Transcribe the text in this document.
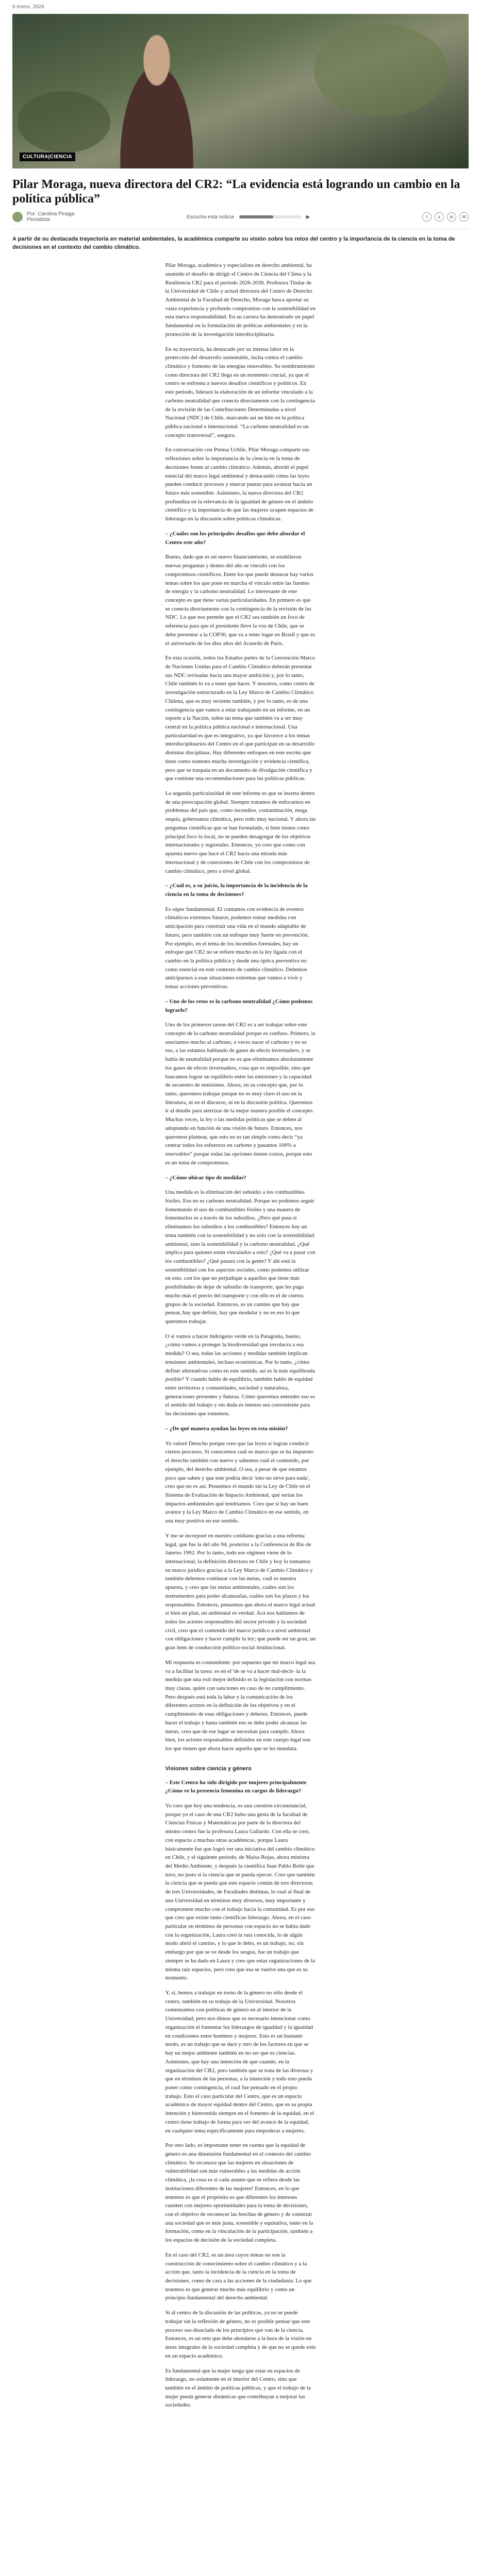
6 enero, 2026
CULTURA|CIENCIA
Pilar Moraga, nueva directora del CR2: “La evidencia está logrando un cambio en la política pública”
Por: Carolina Pinaga
Periodista	Escucha esta noticia	▶	f	x	in	✉

A partir de su destacada trayectoria en material ambientales, la académica comparte su visión sobre los retos del centro y la importancia de la ciencia en la toma de decisiones en el contexto del cambio climático.

Pilar Moraga, académica y especialista en derecho ambiental, ha asumido el desafío de dirigir el Centro de Ciencia del Clima y la Resiliencia CR2 para el periodo 2026-2030. Profesora Titular de la Universidad de Chile y actual directora del Centro de Derecho Ambiental de la Facultad de Derecho, Moraga busca aportar su vasta experiencia y profundo compromiso con la sostenibilidad en esta nueva responsabilidad. En su carrera ha demostrado un papel fundamental en la formulación de políticas ambientales y en la promoción de la investigación interdisciplinaria.

En su trayectoria, ha destacado por su intensa labor en la protección del desarrollo sustentable, lucha contra el cambio climático y fomento de las energías renovables. Su nombramiento como directora del CR2 llega en un momento crucial, ya que el centro se enfrenta a nuevos desafíos científicos y políticos. En este periodo, liderará la elaboración de un informe vinculado a la carbono neutralidad que conecta directamente con la contingencia de la revisión de las Contribuciones Determinadas a nivel Nacional (NDC) de Chile, marcando así un hito en la política pública nacional e internacional. “La carbono neutralidad es un concepto transversal”, asegura.

En conversación con Prensa Uchile, Pilar Moraga comparte sus reflexiones sobre la importancia de la ciencia en la toma de decisiones frente al cambio climático. Además, abordó el papel esencial del marco legal ambiental y destacando cómo las leyes pueden conducir procesos y marcar pautas para avanzar hacia un futuro más sostenible. Asimismo, la nueva directora del CR2 profundiza en la relevancia de la igualdad de género en el ámbito científico y la importancia de que las mujeres ocupen espacios de liderazgo en la discusión sobre políticas climáticas.

– ¿Cuáles son los principales desafíos que debe abordar el Centro este año?

Bueno, dado que es un nuevo financiamiento, se establieron nuevas preguntas y dentro del año se vinculó con los compromisos científicos. Entre los que puede destacar hay varios temas sobre los que pone en marcha el vínculo entre las fuentes de energía y la carbono neutralidad. Lo interesante de este concepto es que tiene varias particularidades. En primero es que se conecta directamente con la contingencia de la revisión de las NDC. Lo que nos permite que el CR2 sea también un foco de referencia para que el presidente lleve la voz de Chile, que se debe presentar a la COP30, que va a tener lugar en Brasil y que es el aniversario de los diez años del Acuerdo de París.

En esta ocasión, todos los Estados partes de la Convención Marco de Naciones Unidas para el Cambio Climático deberán presentar sus NDC revisadas hacia una mayor ambición y, por lo tanto, Chile también lo va a tener que hacer. Y nosotros, como centro de investigación estructurado en la Ley Marco de Cambio Climático Chilena, que es muy reciente también, y por lo tanto, es de una contingencia que vamos a estar trabajando en un informe, en un reporte a la Nación, sobre un tema que también va a ser muy central en la política pública nacional e internacional. Una particularidad es que es integrativo, ya que favorece a los temas interdisciplinarios del Centro en el que participan en su desarrollo distintas disciplinas. Hay diferentes enfoques en este escrito que tiene como sustento mucha investigación y evidencia científica, pero que se traspaía en un documento de divulgación científica y que contiene una recomendaciones para las políticas públicas.

La segunda particularidad de este informe es que se inserta dentro de una preocupación global. Siempre tratamos de enfocarnos en problemas del país que, como incendios, contaminación, mega sequía, gobernanza climática, pero todo muy nacional. Y ahora las preguntas científicas que se han formulado, si bien tienen como principal foco lo local, no se pueden desagregar de los objetivos internacionales y regionales. Entonces, yo creo que como con apuesta nuevo que hace el CR2 hacia una mirada más internacional y de conexiones de Chile con los compromisos de cambio climático, pero a nivel global.

– ¿Cuál es, a su juicio, la importancia de la incidencia de la ciencia en la toma de decisiones?

Es súper fundamental. El contamos con evidencia de eventos climáticos extremos futuros, podemos tomar medidas con anticipación para construir una vida en el mundo adaptable de futuro, pero también con un enfoque muy fuerte en prevención. Por ejemplo, en el tema de los incendios forestales, hay un enfoque que CR2 no se refiere mucho en la ley ligada con el cambio en la política pública y desde una óptica preventiva no como esencial en este contexto de cambio climático. Debemos anticiparnos a esas situaciones extremas que vamos a vivir y tomar acciones preventivas.

– Uno de los retos es la carbono neutralidad ¿Cómo podemos lograrlo?

Uno de los primeros tareas del CR2 es a ser trabajar sobre este concepto de la carbono neutralidad porque es confuso. Primero, la asociamos mucho al carbono, a veces nacer el carbono y no es eso, a las estamos hablando de gases de efecto invernadero, y se habla de neutralidad porque no es que eliminamos absolutamente los gases de efecto invernadero, cosa que es imposible, sino que buscamos lograr un equilibrio entre las emisiones y la capacidad de secuestro de emisiones. Ahora, en su concepto que, por lo tanto, queremos trabajar porque no es muy claro el uso en la literatura, ni en el discurso, ni en la discusión política. Queremos ir al detalle para aterrizar de la mejor manera posible el concepto. Muchas veces, la ley o las medidas políticas que se deben al adoptando en función de una visión de futuro. Entonces, nos queremos plantear, que esto no es tan simple como decir “ya centrar todos los esfuerzos en carbono y pasamos 100% a renovables” porque todas las opciones tienen costos, porque esto es un tema de compromisos.

– ¿Cómo ubicar tipo de medidas?

Una medida es la eliminación del subsidio a los combustibles fósiles. Eso no es carbono neutralidad. Porque no podemos seguir fomentando el uso de combustibles fósiles y una manera de fomentarlos es a través de los subsidios. ¿Pero qué pasa si eliminamos los subsidios a los combustibles? Entonces hay un tema también con la sostenibilidad y no solo con la sostenibilidad ambiental, sino la sostenibilidad y la carbono neutralidad. ¿Qué implica para quienes están vinculados a esto? ¿Qué va a pasar con los combustibles? ¿Qué pasará con la gente? Y ahí está la sostenibilidad con los aspectos sociales, como podemos utilizar en esto, con los que no perjudique a aquellos que tiene más posibilidades de dejar de subsidio de transporte, que les paga mucho más el precio del transporte y con ello es el de ciertos grupos de la sociedad. Entonces, es un camino que hay que pensar, hay que definir, hay que modular y no es eso lo que queremos trabajar.

O sí vamos a hacer hidrógeno verde en la Patagonia, bueno, ¿cómo vamos a proteger la biodiversidad que involucra a esa medida? O sea, todas las acciones y medidas también implican tensiones ambientales, incluso económicas. Por lo tanto, ¿cómo definir alternativas como en este sentido, así es la más equilibrada posible? Y cuando hablo de equilibrio, también hablo de equidad entre territorios y comunidades, sociedad y naturaleza, generaciones presentes y futuras. Cómo queremos entender eso es el sentido del trabajo y sin duda es intenso sea conveniente para las decisiones que tomemos.

– ¿De qué manera ayudan las leyes en esta misión?

Yo valoré Derecho porque creo que las leyes sí logran conducir ciertos procesos. Si conocemos cuál es marco que se ha impuesto el derecho también con nuevo y sabemos cuál el contenido, por ejemplo, del derecho ambiental. O sea, a pesar de que estamos poco que saben y que este podría decir 'esto no sirve para nada', creo que no es así. Pensemos el mundo sin la Ley de Chile en el Sistema de Evaluación de Impacto Ambiental, qué serían los impactos ambientales qué tendríamos. Creo que sí hay un buen avance y la Ley Marco de Cambio Climático en ese sentido, en una muy positiva en ese sentido.

Y me se incorporé en nuestro cotidiano gracias a una reforma legal, que fue la del año 94, posterior a la Conferencia de Río de Janeiro 1992. Por lo tanto, todo ese régimen viene de lo internacional, la definición directora en Chile y hoy lo tomamos en marco jurídico gracias a la Ley Marco de Cambio Climático y también debemos continuar con las metas, cuál es nuestra apuesta, y creo que las metas ambientales, cuáles son los instrumentos para poder alcanzarlas, cuáles son los plazos y los responsables. Entonces, pensemos que ahora el marco legal actual si bien un plan, un ambiental es verdad. Acá nos hablamos de todos los actores responsables del sector privado y la sociedad civil, creo que el contenido del marco jurídico a nivel ambiental con obligaciones y hacer cumplir la ley; que puede ser un gran, un gran ítem de conducción político-social institucional.

Mi respuesta es contundente: por supuesto que mi marco legal sea va a facilitar la tarea: es en el 'de se va a hacer mal-decir- la la medida que una exit mejor definido es la legislación con normas muy claras, quién con sanciones en caso de no cumplimiento. Pero después está toda la labor y la comunicación de los diferentes actores en la definición de los objetivos y en el cumplimiento de esas obligaciones y deberes. Entonces, puede hacer el trabajo y hasta también eso se debe poder alcanzar las metas, creo que de ese lugar se necesitan para cumplir. Ahora bien, los actores responsables definidos en este cuerpo legal son los que tienen que ahora hacer aquello que se les mandata.

Visiones sobre ciencia y género

– Este Centro ha sido dirigido por mujeres principalmente ¿Cómo ve la presencia femenina en cargos de liderazgo?

Yo creo que hoy una tendencia, es una cuestión circunstancial, porque yo el caso de una CR2 hubo una gesta de la facultad de Ciencias Físicas y Matemáticas por parte de la directora del mismo centro fue la profesora Laura Gallardo. Con ella se creó, con espacio a muchas otras académicas, porque Laura básicamente fue que logró ver una iniciativa del cambio climático en Chile, y el siguiente período, de Maisa Rojas, ahora ministra del Medio Ambiente, y después la científica Juan Pablo Bolte que tuvo, no justo si la ciencia que se pueda ejercer. Creo que también la ciencia que se pueda que este espacio común de tres directoras de tres Universidades, de Facultades distintas, lo cual al final de una Universidad en términos muy diversos, muy importante y compromete mucho con el trabajo hacia la comunidad. Es por eso que creo que existe tanto científicas liderazgo. Ahora, en el caso particular en términos de personas con espacio no se había dado con la organización, Laura creó la ruta conocida, lo de algún modo abrió el camino, y lo que le debo, es un trabajo, no, sin embargo por que se ve desde los sesgos, fue un trabajo que siempre se ha dado en Laura y creo que estas organizaciones de la misma raíz espacios, pero creo que esa se vuelve una que es su momento.

Y, sí, hemos a trabajar en torno de la género no sólo desde el centro, también en su trabajo de la Universidad. Nosotros comenzamos con políticas de género en al interior de la Universidad; pero nos dimos que es necesario intencionar como organización el fomentar los liderazgos de igualdad y la igualdad en condiciones entre hombres y mujeres. Esto es un bastante modo, es un trabajo que se dará y otro de los factores en que se hay un mejor ambiente también en no ser que es ciencias. Asimismo, que hay una intención de que cuando, en la organización del CR2, pero también que se trata de las diversas y que en términos de las personas, a la intención y todo esto pueda poner como contingencia, el cual fue pensado en el propio trabajo. Esto el caso particular del Centro, que es un espacio académico de mayor equidad dentro del Centro, que es su propia intención y bienvenida siempre en el fomento de la equidad, en el centro tiene trabajo de forma para ver del avance de la equidad, en cualquier tema específicamente para empoderar a mujeres.

Por otro lado, es importante tener en cuenta que la equidad de género es una dimensión fundamental en el contexto del cambio climático. Se reconoce que las mujeres en situaciones de vulnerabilidad son más vulnerables a las medidas de acción climática, ¡la cosa es sí cada asunto que se refiera desde las instituciones diferentes de las mujeres! Entonces, en lo que tenemos es que el propósito es que diferentes los intereses cuenten con mejores oportunidades para la toma de decisiones, con el objetivo de reconocer las brechas de género y de construir una sociedad que es más justa, sostenible y equitativa, tanto en la formación, como en la vinculación de la participación, también a los espacios de decisión de la sociedad completa.

En el caso del CR2, es un área cuyos temas no son la construcción de conocimiento sobre el cambio climático y a la acción que, tanto la incidencia de la ciencia en la toma de decisiones, como de cara a las acciones de la ciudadanía. Lo que tenemos es que generar mucho más equilibrio y como un principio fundamental del derecho ambiental.

Si al centro de la discusión de las políticas, ya no se puede trabajar sin la reflexión de género, no es posible pensar que este proceso sea disociado de los principios que van de la ciencia. Entonces, es un reto que debe abordarse a la hora de la visión en áreas integrales de la sociedad completa y de que no se quede solo en un espacio académico.

Es fundamental que la mujer tenga que estar en espacios de liderazgo, no solamente en el interior del Centro, sino que también en el ámbito de políticas públicas, y que el trabajo de la mujer pueda generar dinámicas que contribuyan a mejorar las sociedades.
